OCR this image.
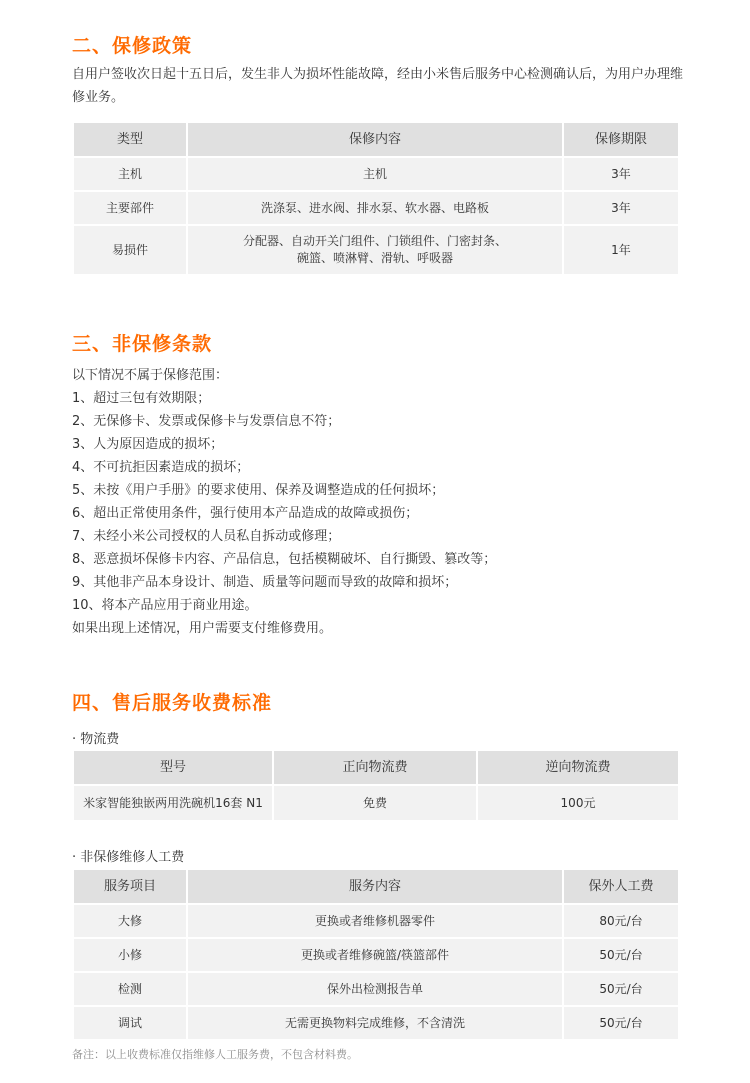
二、保修政策
自用户签收次日起十五日后，发生非人为损坏性能故障，经由小米售后服务中心检测确认后，为用户办理维修业务。
类型	保修内容	保修期限
主机	主机	3年
主要部件	洗涤泵、进水阀、排水泵、软水器、电路板	3年
易损件	分配器、自动开关门组件、门锁组件、门密封条、
碗篮、喷淋臂、滑轨、呼吸器	1年
三、非保修条款
以下情况不属于保修范围：
1、超过三包有效期限；
2、无保修卡、发票或保修卡与发票信息不符；
3、人为原因造成的损坏；
4、不可抗拒因素造成的损坏；
5、未按《用户手册》的要求使用、保养及调整造成的任何损坏；
6、超出正常使用条件，强行使用本产品造成的故障或损伤；
7、未经小米公司授权的人员私自拆动或修理；
8、恶意损坏保修卡内容、产品信息，包括模糊破坏、自行撕毁、篡改等；
9、其他非产品本身设计、制造、质量等问题而导致的故障和损坏；
10、将本产品应用于商业用途。
如果出现上述情况，用户需要支付维修费用。
四、售后服务收费标准
· 物流费
型号	正向物流费	逆向物流费
米家智能独嵌两用洗碗机16套 N1	免费	100元
· 非保修维修人工费
服务项目	服务内容	保外人工费
大修	更换或者维修机器零件	80元/台
小修	更换或者维修碗篮/筷篮部件	50元/台
检测	保外出检测报告单	50元/台
调试	无需更换物料完成维修，不含清洗	50元/台
备注：以上收费标准仅指维修人工服务费，不包含材料费。
